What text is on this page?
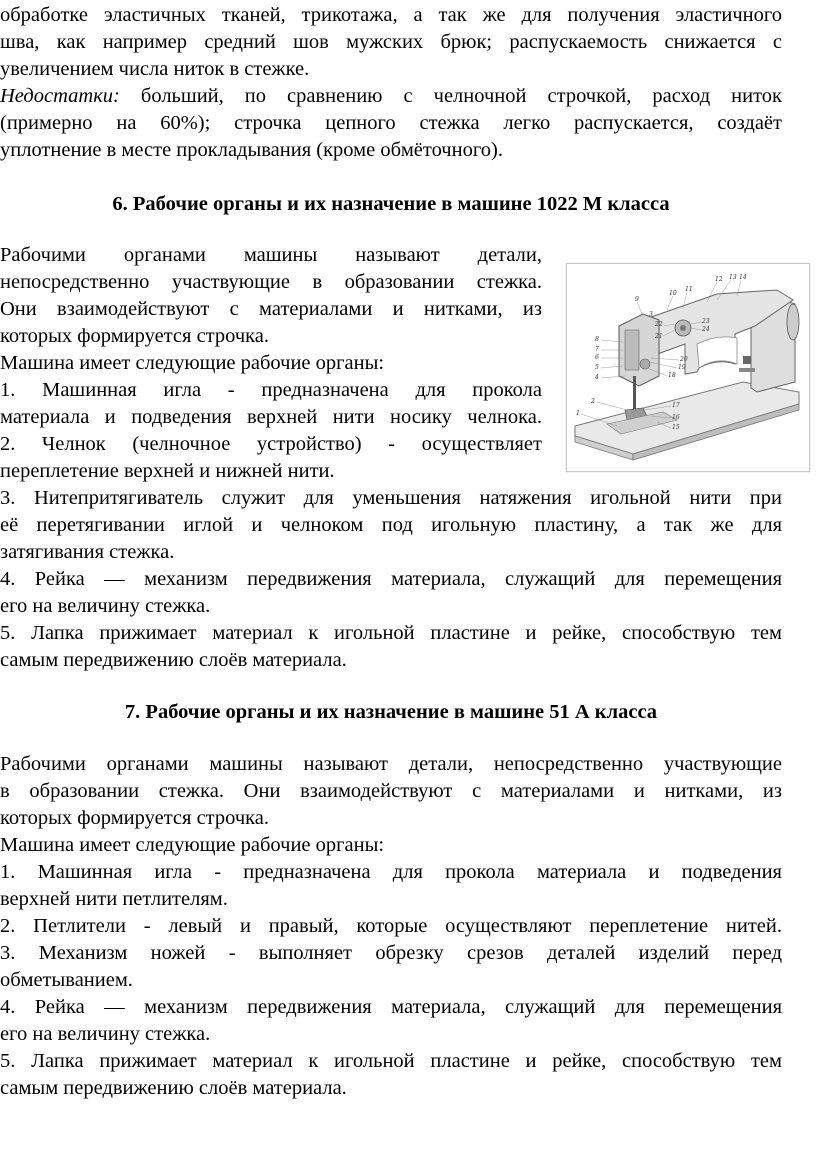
обработке эластичных тканей, трикотажа, а так же для получения эластичного

шва, как например средний шов мужских брюк; распускаемость снижается с

увеличением числа ниток в стежке.

Недостатки: больший, по сравнению с челночной строчкой, расход ниток

(примерно на 60%); строчка цепного стежка легко распускается, создаёт

уплотнение в месте прокладывания (кроме обмёточного).

6. Рабочие органы и их назначение в машине 1022 М класса

Рабочими органами машины называют детали,

непосредственно участвующие в образовании стежка.

Они взаимодействуют с материалами и нитками, из

которых формируется строчка.

Машина имеет следующие рабочие органы:

1. Машинная игла - предназначена для прокола

материала и подведения верхней нити носику челнока.

2. Челнок (челночное устройство) - осуществляет

переплетение верхней и нижней нити.

3. Нитепритягиватель служит для уменьшения натяжения игольной нити при

её перетягивании иглой и челноком под игольную пластину, а так же для

затягивания стежка.

4. Рейка — механизм передвижения материала, служащий для перемещения

его на величину стежка.

5. Лапка прижимает материал к игольной пластине и рейке, способствую тем

самым передвижению слоёв материала.

7. Рабочие органы и их назначение в машине 51 А класса

Рабочими органами машины называют детали, непосредственно участвующие

в образовании стежка. Они взаимодействуют с материалами и нитками, из

которых формируется строчка.

Машина имеет следующие рабочие органы:

1. Машинная игла - предназначена для прокола материала и подведения

верхней нити петлителям.

2. Петлители - левый и правый, которые осуществляют переплетение нитей.

3. Механизм ножей - выполняет обрезку срезов деталей изделий перед

обметыванием.

4. Рейка — механизм передвижения материала, служащий для перемещения

его на величину стежка.

5. Лапка прижимает материал к игольной пластине и рейке, способствую тем

самым передвижению слоёв материала.

8
7
6
5
4
2
1
17
16
15
18
19
20
24
23
22
21
9
10
11
12 13 14
3
